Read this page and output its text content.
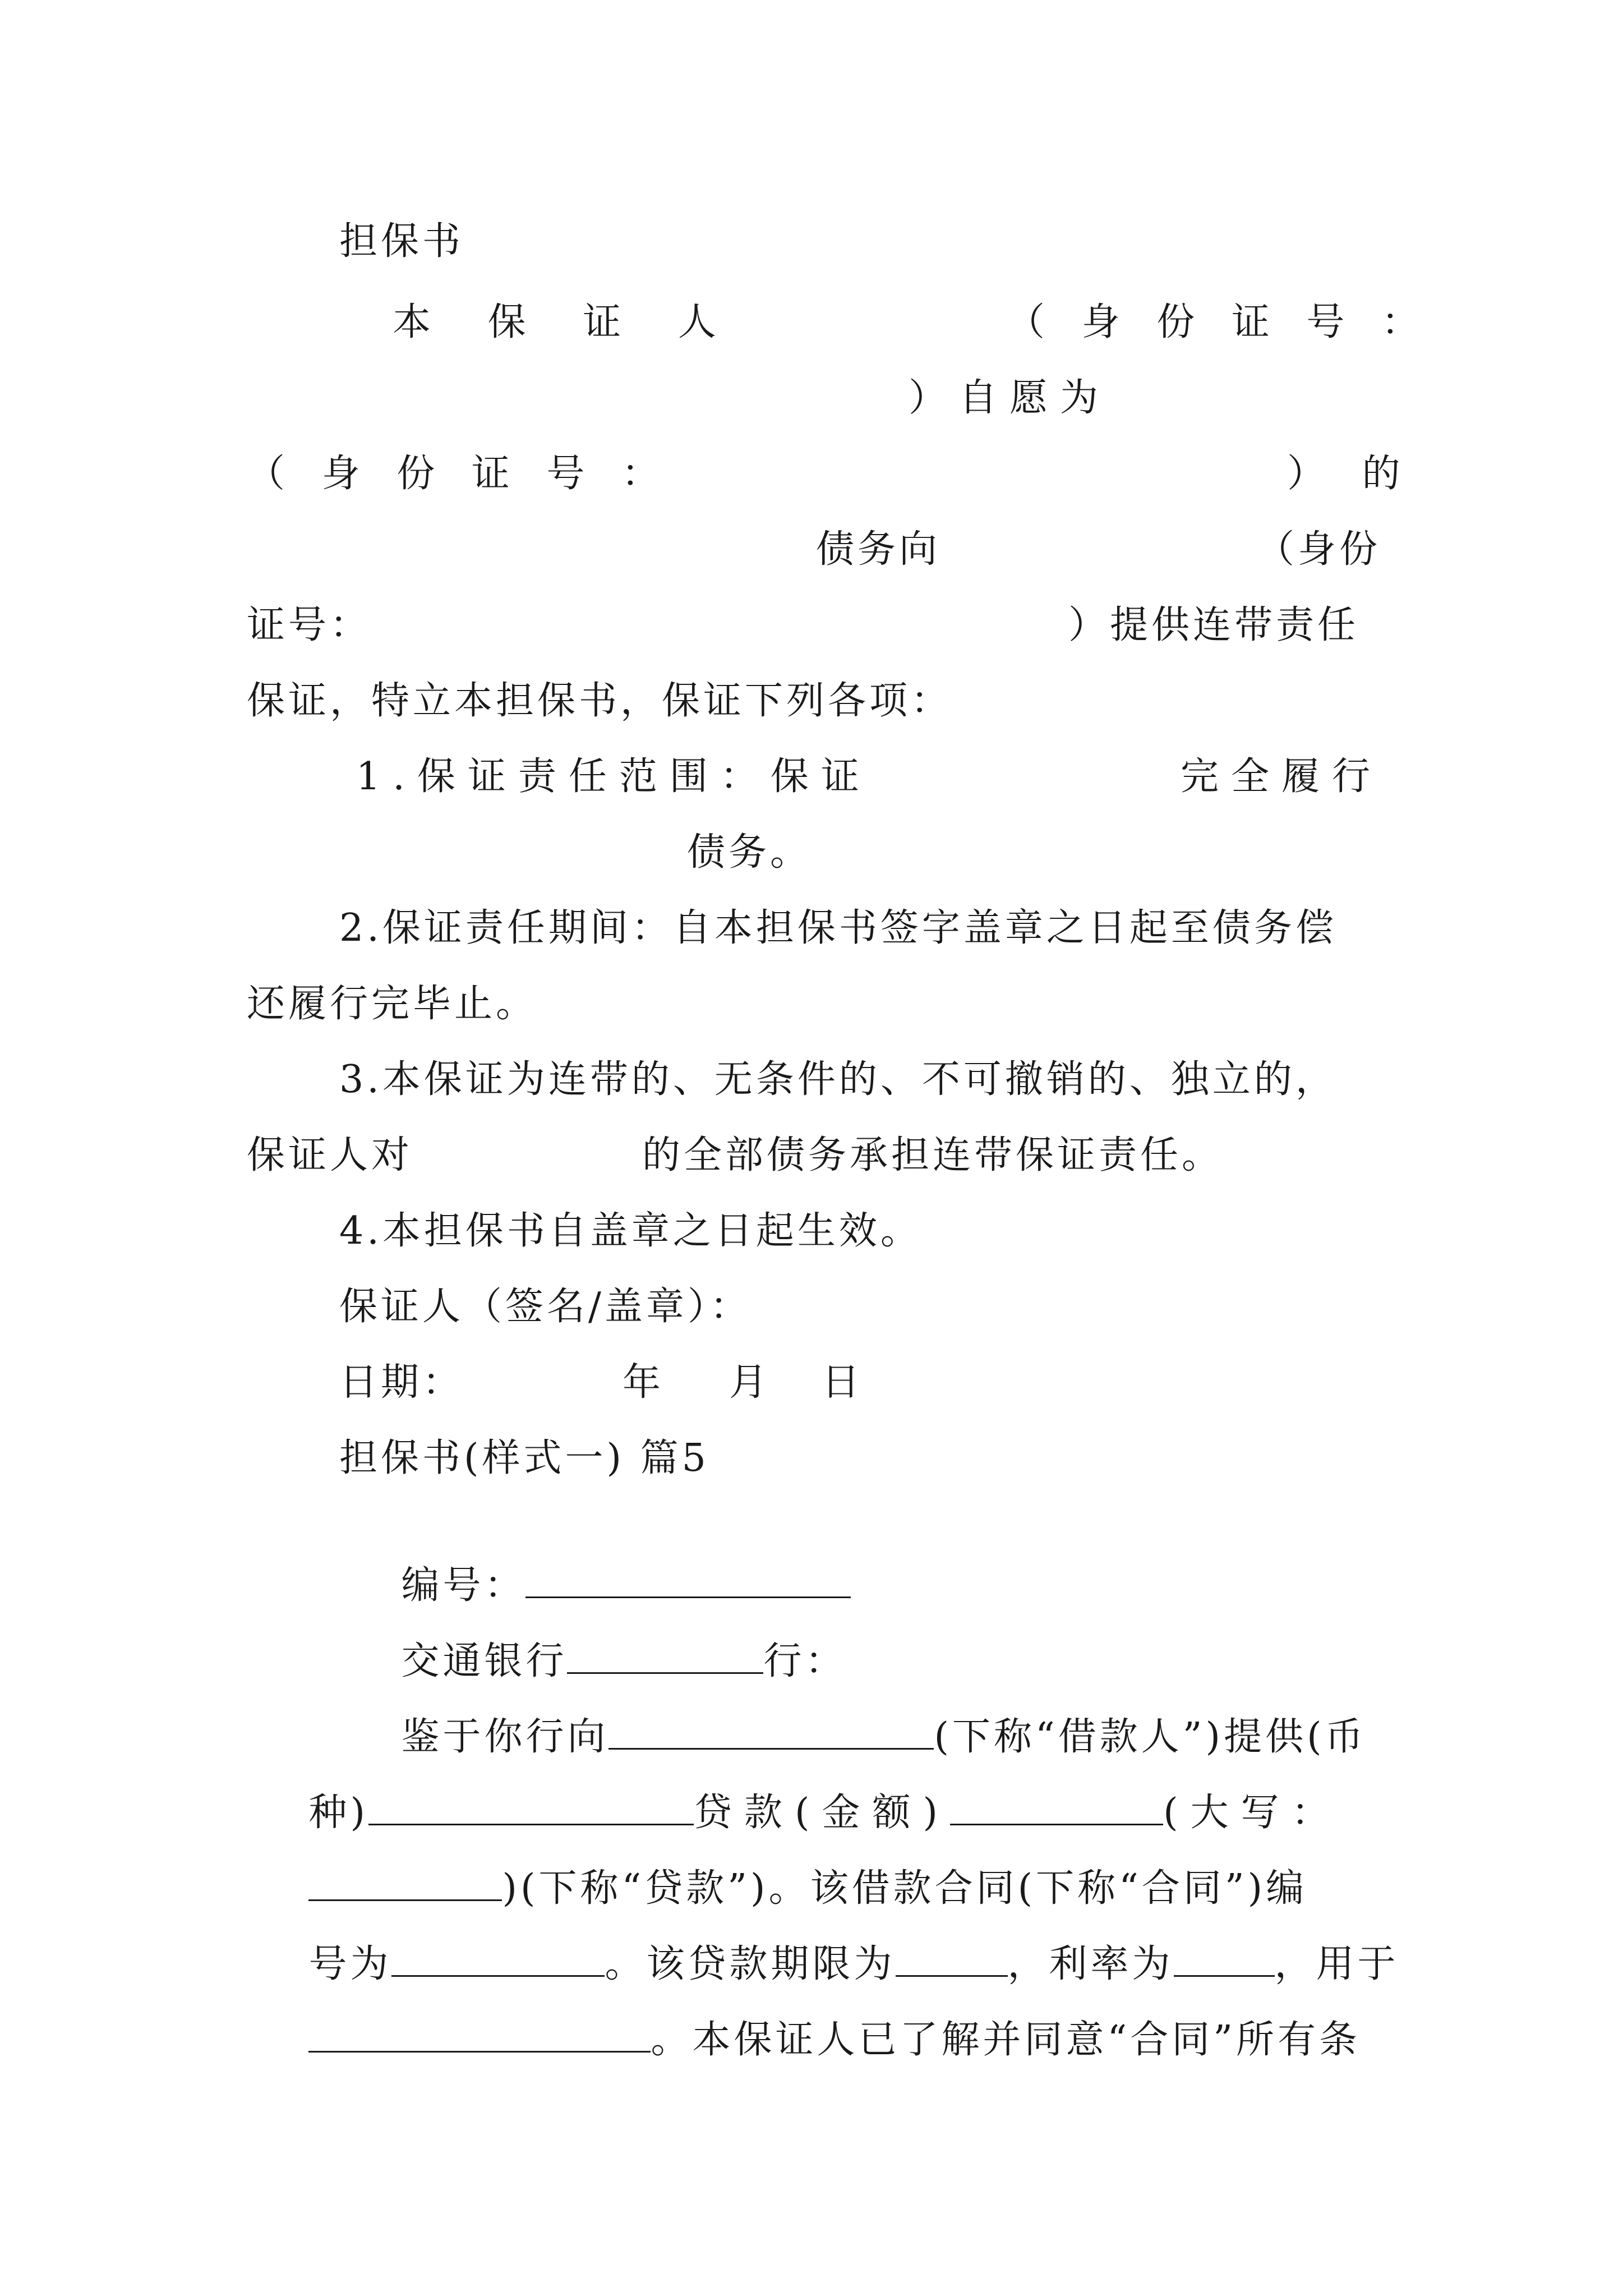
担保书
本 保 证 人	（ 身 份 证 号 ：
）自愿为
（ 身 份 证 号 ：	） 的
债务向	（身份
证号：	）提供连带责任
保证，特立本担保书，保证下列各项：
1.保证责任范围：保证	完全履行
债务。
2.保证责任期间：自本担保书签字盖章之日起至债务偿
还履行完毕止。
3.本保证为连带的、无条件的、不可撤销的、独立的，
保证人对	的全部债务承担连带保证责任。
4.本担保书自盖章之日起生效。
保证人（签名/盖章）：
日期：	年 月 日
担保书(样式一) 篇5

编号：

交通银行	行：

鉴于你行向	(下称“借款人”)提供(币

种)	贷款(金额)	(大写：

)(下称“贷款”)。该借款合同(下称“合同”)编

号为	。该贷款期限为	，利率为	，用于

。本保证人已了解并同意“合同”所有条
